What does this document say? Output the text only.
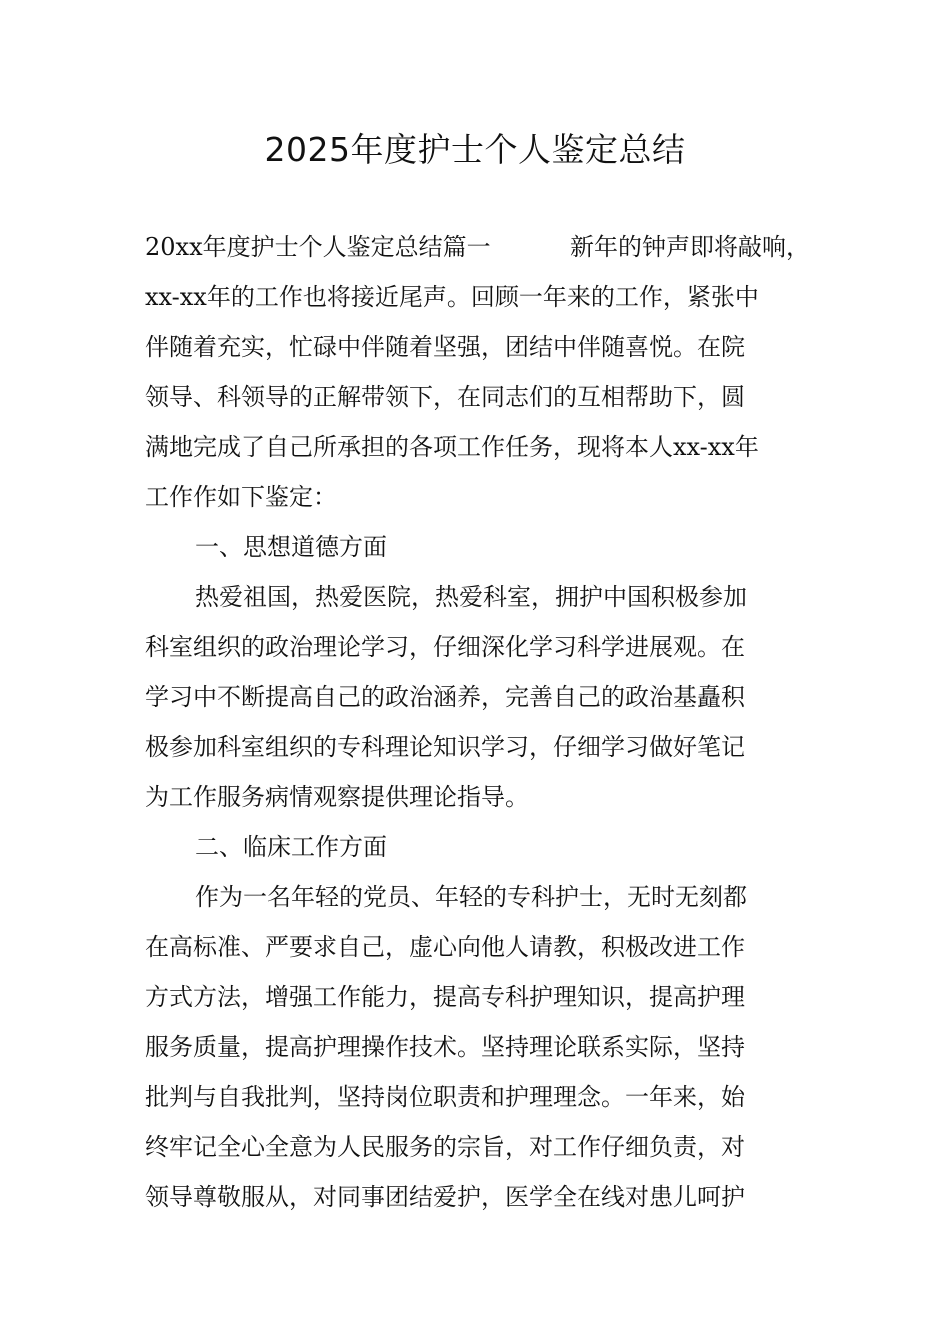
2025年度护士个人鉴定总结

20xx年度护士个人鉴定总结篇一	新年的钟声即将敲响，

xx-xx年的工作也将接近尾声。回顾一年来的工作，紧张中

伴随着充实，忙碌中伴随着坚强，团结中伴随喜悦。在院

领导、科领导的正解带领下，在同志们的互相帮助下，圆

满地完成了自己所承担的各项工作任务，现将本人xx-xx年

工作作如下鉴定：

一、思想道德方面

热爱祖国，热爱医院，热爱科室，拥护中国积极参加

科室组织的政治理论学习，仔细深化学习科学进展观。在

学习中不断提高自己的政治涵养，完善自己的政治基矗积

极参加科室组织的专科理论知识学习，仔细学习做好笔记

为工作服务病情观察提供理论指导。

二、临床工作方面

作为一名年轻的党员、年轻的专科护士，无时无刻都

在高标准、严要求自己，虚心向他人请教，积极改进工作

方式方法，增强工作能力，提高专科护理知识，提高护理

服务质量，提高护理操作技术。坚持理论联系实际，坚持

批判与自我批判，坚持岗位职责和护理理念。一年来，始

终牢记全心全意为人民服务的宗旨，对工作仔细负责，对

领导尊敬服从，对同事团结爱护，医学全在线对患儿呵护
